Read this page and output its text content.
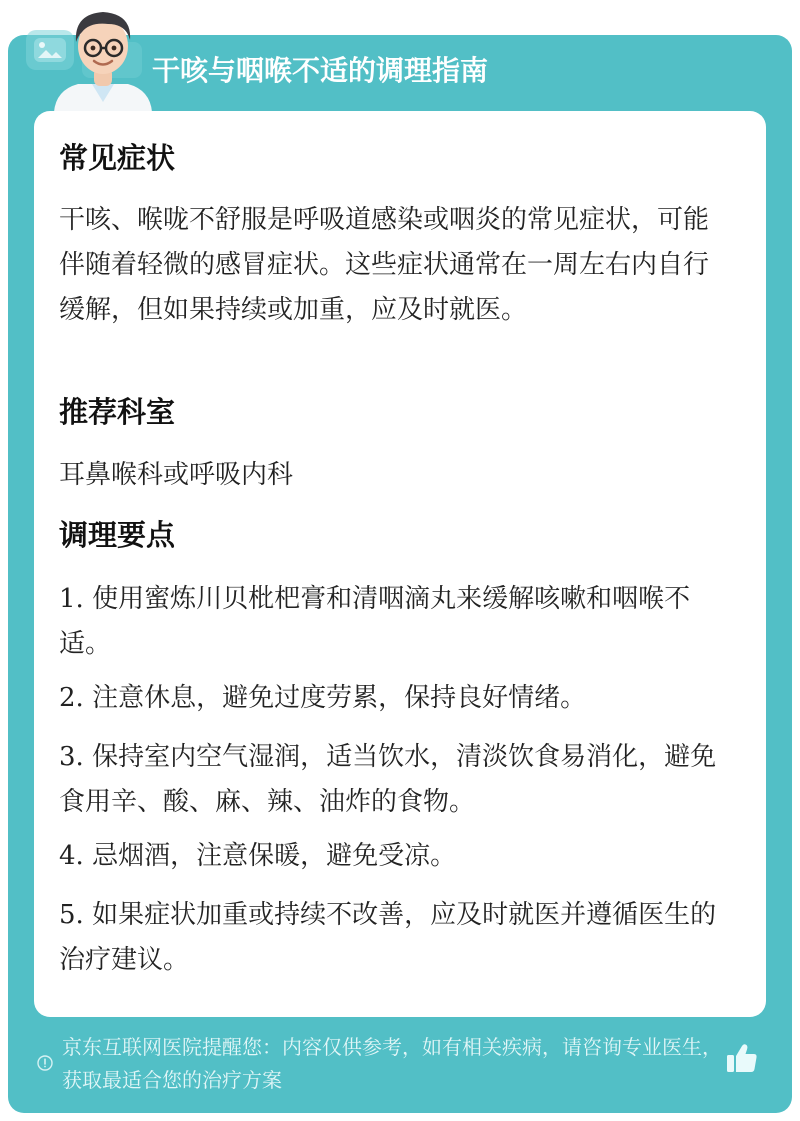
干咳与咽喉不适的调理指南
常见症状

干咳、喉咙不舒服是呼吸道感染或咽炎的常见症状，可能伴随着轻微的感冒症状。这些症状通常在一周左右内自行缓解，但如果持续或加重，应及时就医。

推荐科室

耳鼻喉科或呼吸内科

调理要点

1. 使用蜜炼川贝枇杷膏和清咽滴丸来缓解咳嗽和咽喉不适。

2. 注意休息，避免过度劳累，保持良好情绪。

3. 保持室内空气湿润，适当饮水，清淡饮食易消化，避免食用辛、酸、麻、辣、油炸的食物。

4. 忌烟酒，注意保暖，避免受凉。

5. 如果症状加重或持续不改善，应及时就医并遵循医生的治疗建议。

京东互联网医院提醒您：内容仅供参考，如有相关疾病，请咨询专业医生，获取最适合您的治疗方案
